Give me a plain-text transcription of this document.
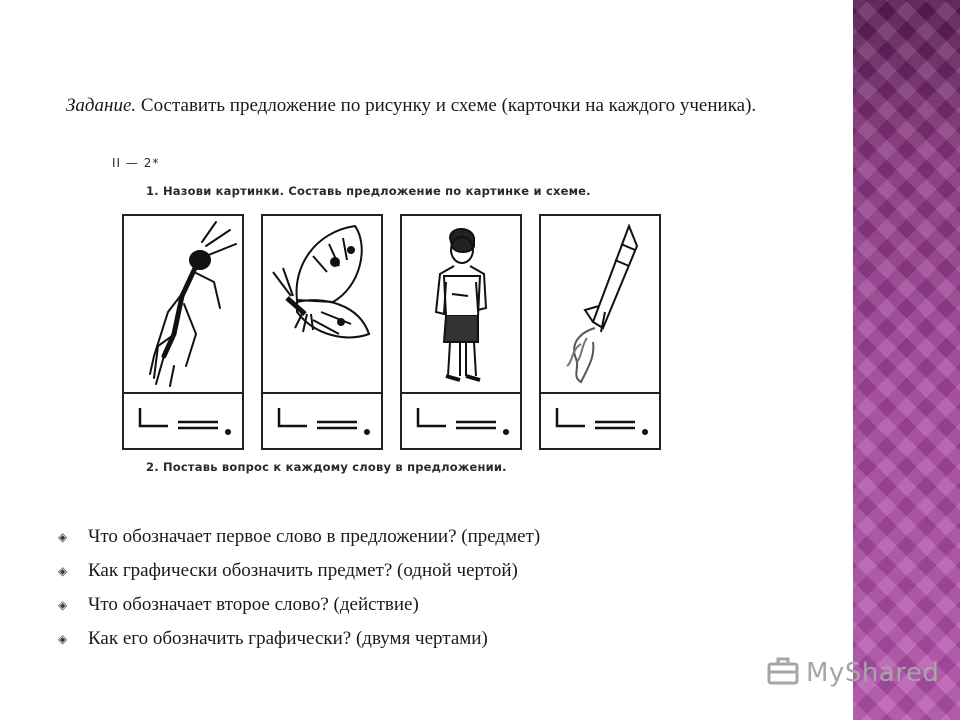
Задание. Составить предложение по рисунку и схеме (карточки на каждого ученика).
II — 2*
1. Назови картинки. Составь предложение по картинке и схеме.
2. Поставь вопрос к каждому слову в предложении.
◈	Что обозначает первое слово в предложении? (предмет)
◈	Как графически обозначить предмет? (одной чертой)
◈	Что обозначает второе слово? (действие)
◈	Как его обозначить графически? (двумя чертами)
MyShared
